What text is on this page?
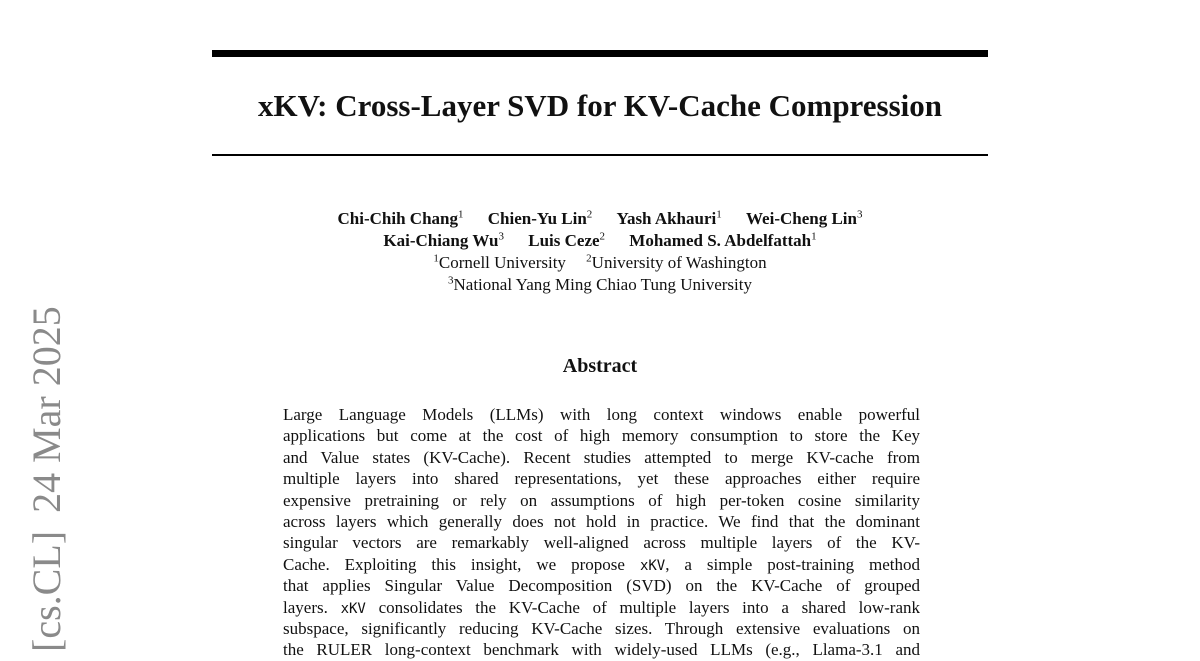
[cs.CL]24 Mar 2025
xKV: Cross-Layer SVD for KV-Cache Compression
Chi-Chih Chang$^1$ Chien-Yu Lin$^2$ Yash Akhauri$^1$ Wei-Cheng Lin$^3$
Kai-Chiang Wu$^3$ Luis Ceze$^2$ Mohamed S. Abdelfattah$^1$
$^1$Cornell University $^2$University of Washington
$^3$National Yang Ming Chiao Tung University
Abstract
Large Language Models (LLMs) with long context windows enable powerful
applications but come at the cost of high memory consumption to store the Key
and Value states (KV-Cache). Recent studies attempted to merge KV-cache from
multiple layers into shared representations, yet these approaches either require
expensive pretraining or rely on assumptions of high per-token cosine similarity
across layers which generally does not hold in practice. We find that the dominant
singular vectors are remarkably well-aligned across multiple layers of the KV-
Cache. Exploiting this insight, we propose xKV, a simple post-training method
that applies Singular Value Decomposition (SVD) on the KV-Cache of grouped
layers. xKV consolidates the KV-Cache of multiple layers into a shared low-rank
subspace, significantly reducing KV-Cache sizes. Through extensive evaluations on
the RULER long-context benchmark with widely-used LLMs (e.g., Llama-3.1 and
